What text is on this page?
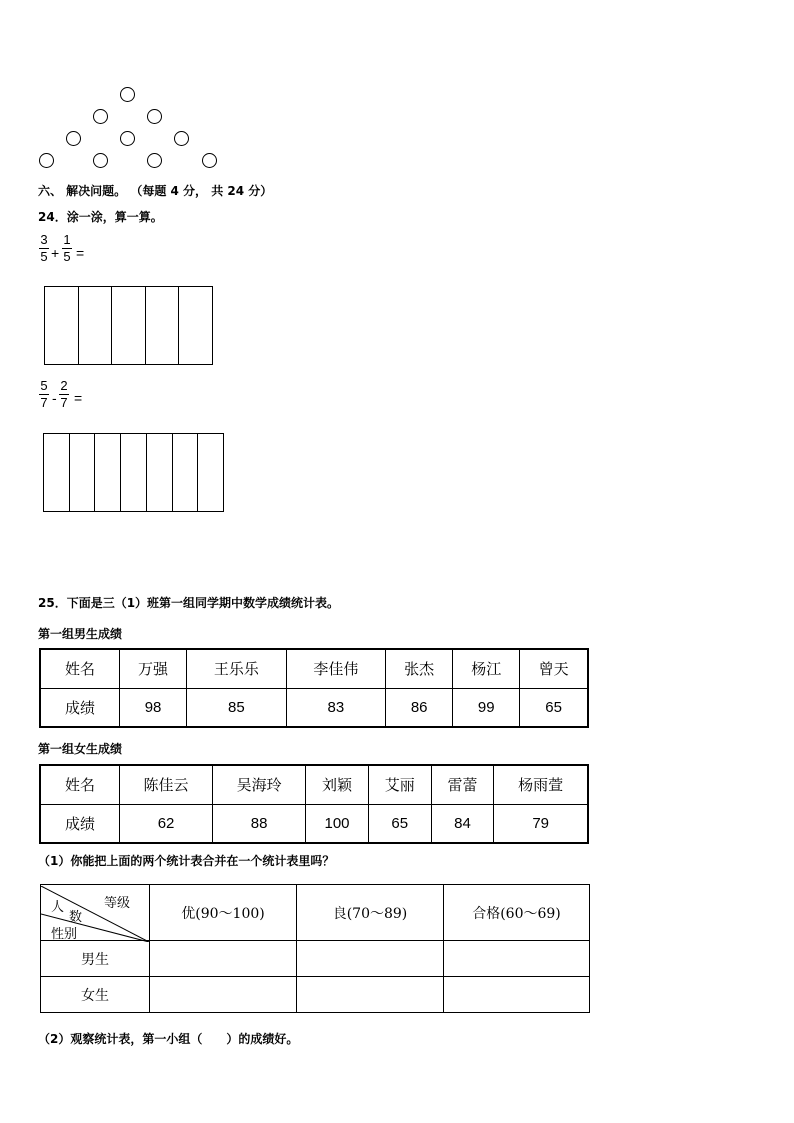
六、 解决问题。 （每题 4 分， 共 24 分）
24．涂一涂，算一算。
3
5 +
1
5 =
5
7 -
2
7 =
25．下面是三（1）班第一组同学期中数学成绩统计表。
第一组男生成绩
姓名	万强	王乐乐	李佳伟	张杰	杨江	曾天
成绩	98	85	83	86	99	65
第一组女生成绩
姓名	陈佳云	吴海玲	刘颖	艾丽	雷蕾	杨雨萱
成绩	62	88	100	65	84	79
（1）你能把上面的两个统计表合并在一个统计表里吗？
等级
人
数
性别	优(90～100)	良(70～89)	合格(60～69)
男生			
女生			
（2）观察统计表，第一小组（　　）的成绩好。
